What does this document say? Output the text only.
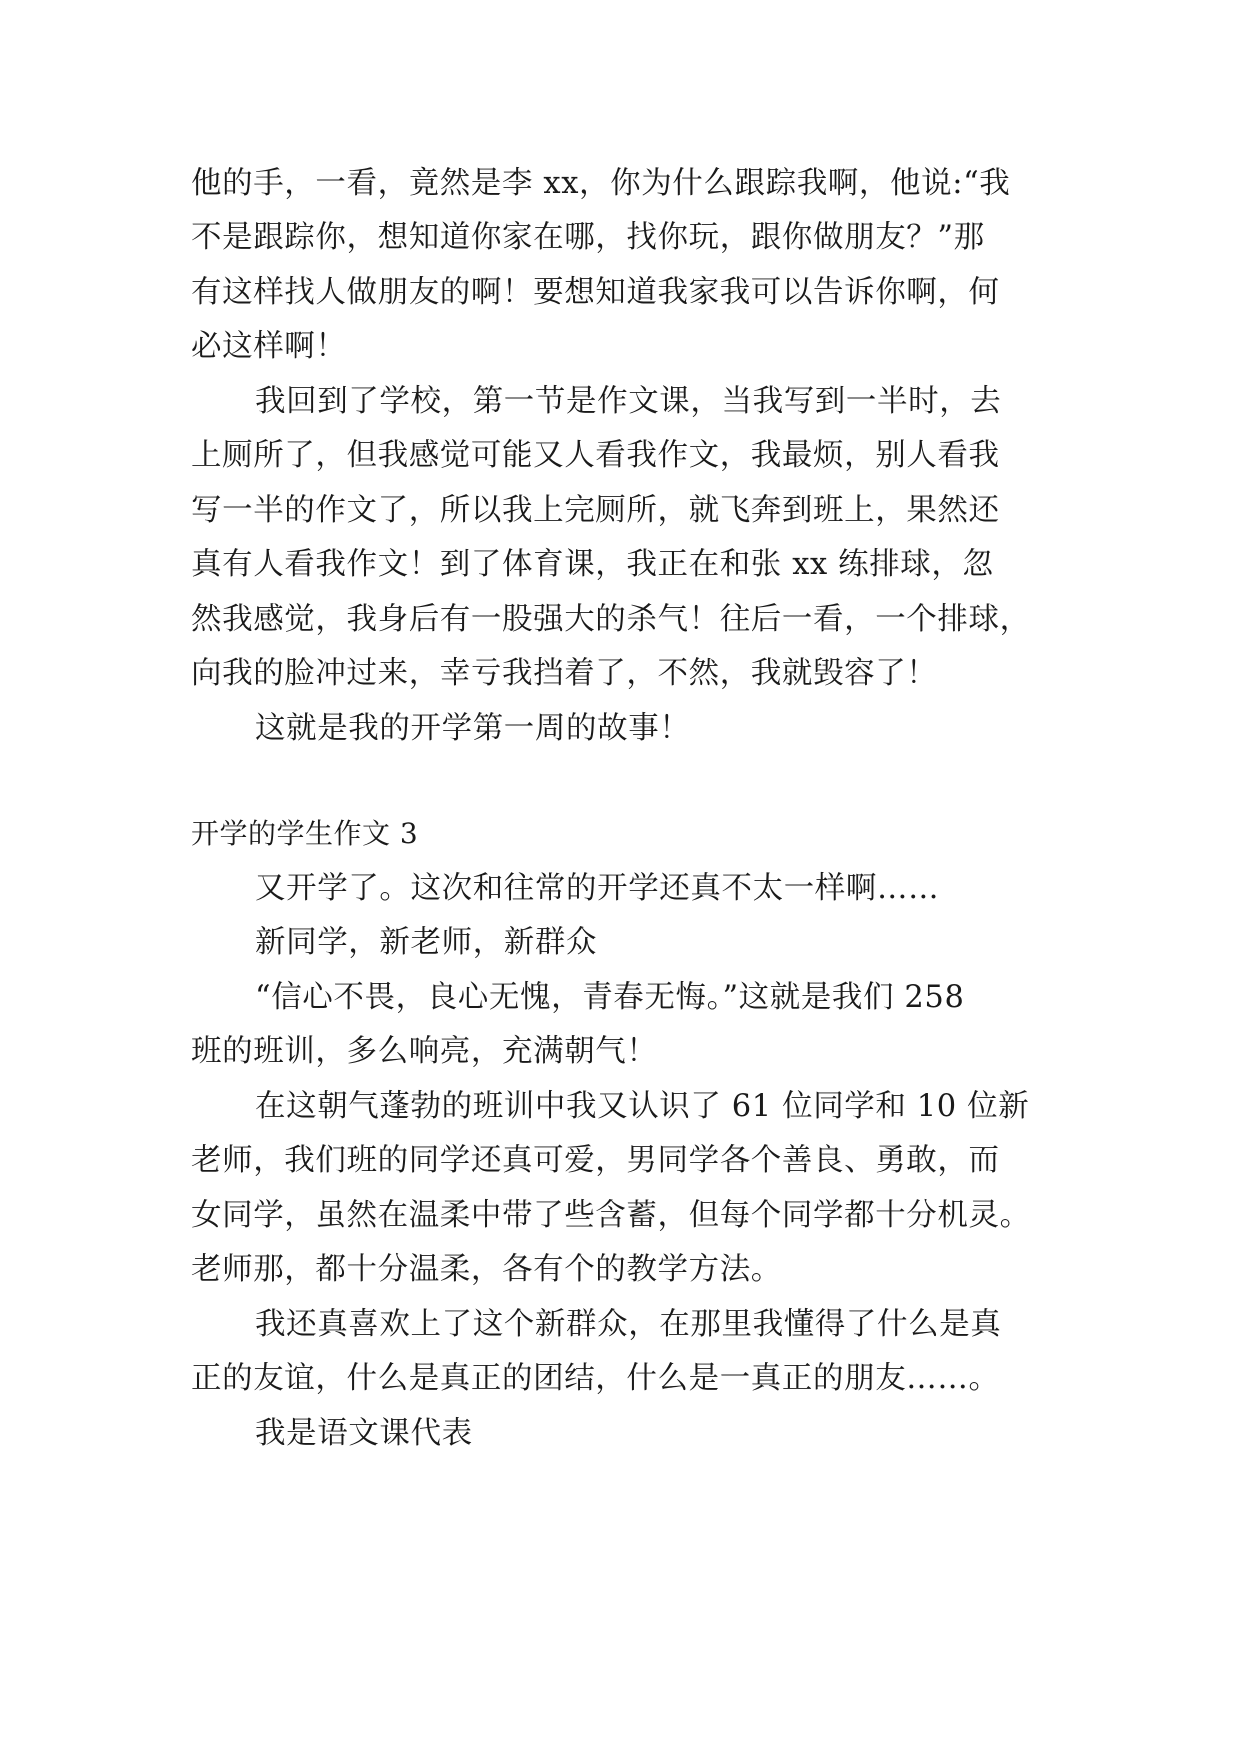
他的手，一看，竟然是李 xx，你为什么跟踪我啊，他说:“我
不是跟踪你，想知道你家在哪，找你玩，跟你做朋友？”那
有这样找人做朋友的啊！要想知道我家我可以告诉你啊，何
必这样啊！
我回到了学校，第一节是作文课，当我写到一半时，去
上厕所了，但我感觉可能又人看我作文，我最烦，别人看我
写一半的作文了，所以我上完厕所，就飞奔到班上，果然还
真有人看我作文！到了体育课，我正在和张 xx 练排球，忽
然我感觉，我身后有一股强大的杀气！往后一看，一个排球，
向我的脸冲过来，幸亏我挡着了，不然，我就毁容了！
这就是我的开学第一周的故事！
开学的学生作文 3
又开学了。这次和往常的开学还真不太一样啊……
新同学，新老师，新群众
“信心不畏，良心无愧，青春无悔。”这就是我们 258
班的班训，多么响亮，充满朝气！
在这朝气蓬勃的班训中我又认识了 61 位同学和 10 位新
老师，我们班的同学还真可爱，男同学各个善良、勇敢，而
女同学，虽然在温柔中带了些含蓄，但每个同学都十分机灵。
老师那，都十分温柔，各有个的教学方法。
我还真喜欢上了这个新群众，在那里我懂得了什么是真
正的友谊，什么是真正的团结，什么是一真正的朋友……。
我是语文课代表
